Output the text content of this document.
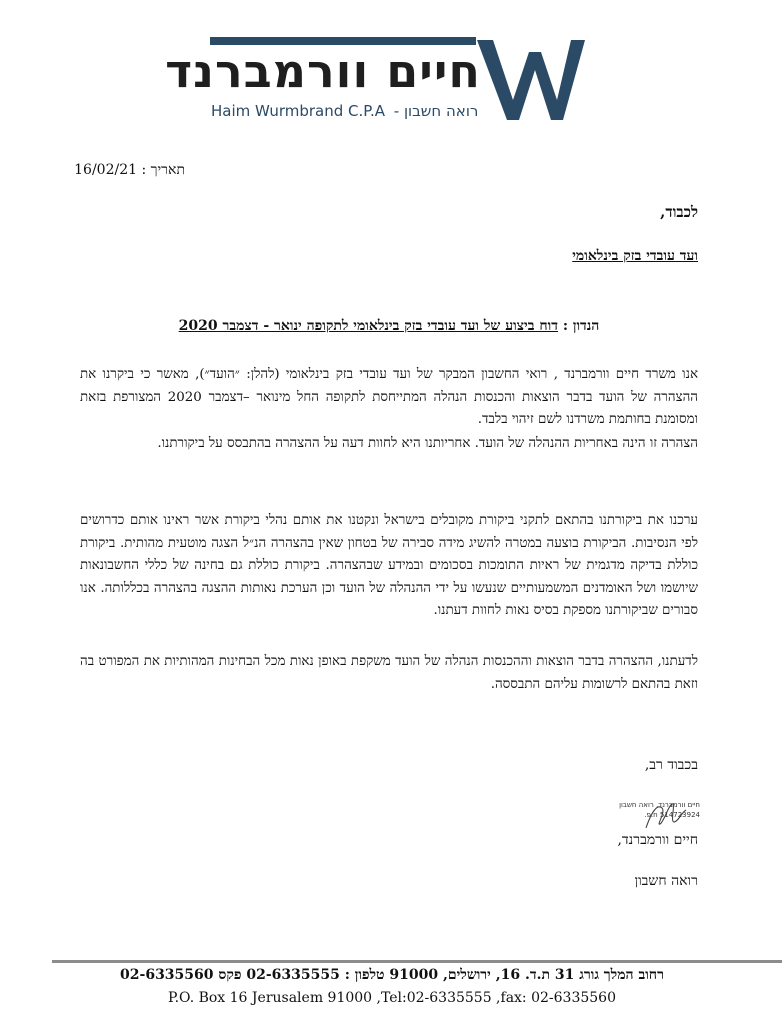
חיים וורמברנד
Haim Wurmbrand C.P.A רואה חשבון -
תאריך : 16/02/21
לכבוד,
ועד עובדי בזק בינלאומי
הנדון : דוח ביצוע של ועד עובדי בזק בינלאומי לתקופה ינואר - דצמבר 2020
אנו משרד חיים וורמברנד , רואי החשבון המבקר של ועד עובדי בזק בינלאומי (להלן: ״הועד״), מאשר כי ביקרנו את ההצהרה של הועד בדבר הוצאות והכנסות הנהלה המתייחסת לתקופה החל מינואר –דצמבר 2020 המצורפת בזאת ומסומנת בחותמת משרדנו לשם זיהוי בלבד.
הצהרה זו הינה באחריות ההנהלה של הועד. אחריותנו היא לחוות דעה על ההצהרה בהתבסס על ביקורתנו.
ערכנו את ביקורתנו בהתאם לתקני ביקורת מקובלים בישראל ונקטנו את אותם נהלי ביקורת אשר ראינו אותם כדרושים לפי הנסיבות. הביקורת בוצעה במטרה להשיג מידה סבירה של בטחון שאין בהצהרה הנ״ל הצגה מוטעית מהותית. ביקורת כוללת בדיקה מדגמית של ראיות התומכות בסכומים ובמידע שבהצהרה. ביקורת כוללת גם בחינה של כללי החשבונאות שיושמו ושל האומדנים המשמעותיים שנעשו על ידי ההנהלה של הועד וכן הערכת נאותות ההצגה בהצהרה בכללותה. אנו סבורים שביקורתנו מספקת בסיס נאות לחוות דעתנו.
לדעתנו, ההצהרה בדבר הוצאות וההכנסות הנהלה של הועד משקפת באופן נאות מכל הבחינות המהותיות את המפורט בה וזאת בהתאם לרשומות עליהם התבססה.
בכבוד רב,
חיים וורמברנד, רואה חשבון
514723924 ח.פ.
חיים וורמברנד,
רואה חשבון
רחוב המלך גורג 31 ת.ד. 16, ירושלים, 91000 טלפון : 02-6335555 פקס 02-6335560
P.O. Box 16 Jerusalem 91000 ,Tel:02-6335555 ,fax: 02-6335560
